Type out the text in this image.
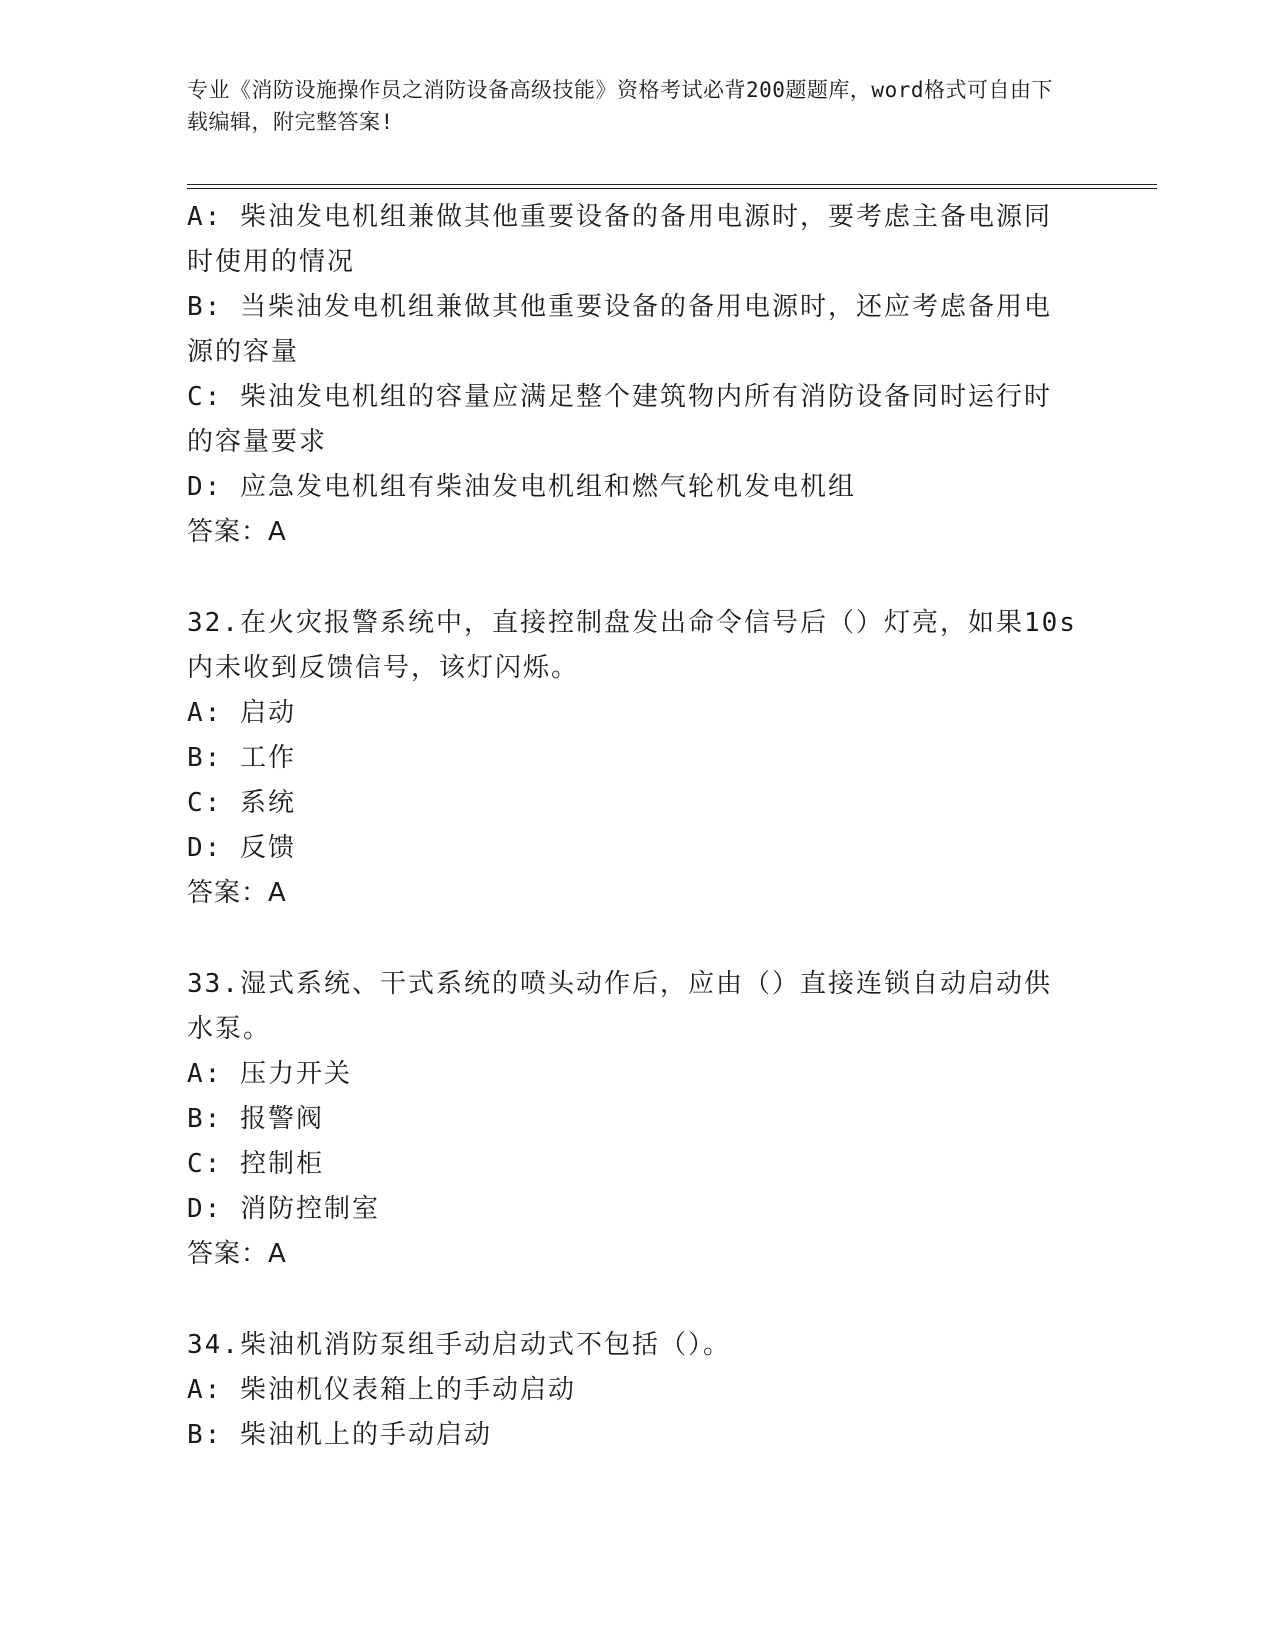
专业《消防设施操作员之消防设备高级技能》资格考试必背200题题库，word格式可自由下载编辑，附完整答案!

A: 柴油发电机组兼做其他重要设备的备用电源时，要考虑主备电源同时使用的情况

B: 当柴油发电机组兼做其他重要设备的备用电源时，还应考虑备用电源的容量

C: 柴油发电机组的容量应满足整个建筑物内所有消防设备同时运行时的容量要求

D: 应急发电机组有柴油发电机组和燃气轮机发电机组

答案：A

32.在火灾报警系统中，直接控制盘发出命令信号后（）灯亮，如果10s内未收到反馈信号，该灯闪烁。

A: 启动

B: 工作

C: 系统

D: 反馈

答案：A

33.湿式系统、干式系统的喷头动作后，应由（）直接连锁自动启动供水泵。

A: 压力开关

B: 报警阀

C: 控制柜

D: 消防控制室

答案：A

34.柴油机消防泵组手动启动式不包括（）。

A: 柴油机仪表箱上的手动启动

B: 柴油机上的手动启动
